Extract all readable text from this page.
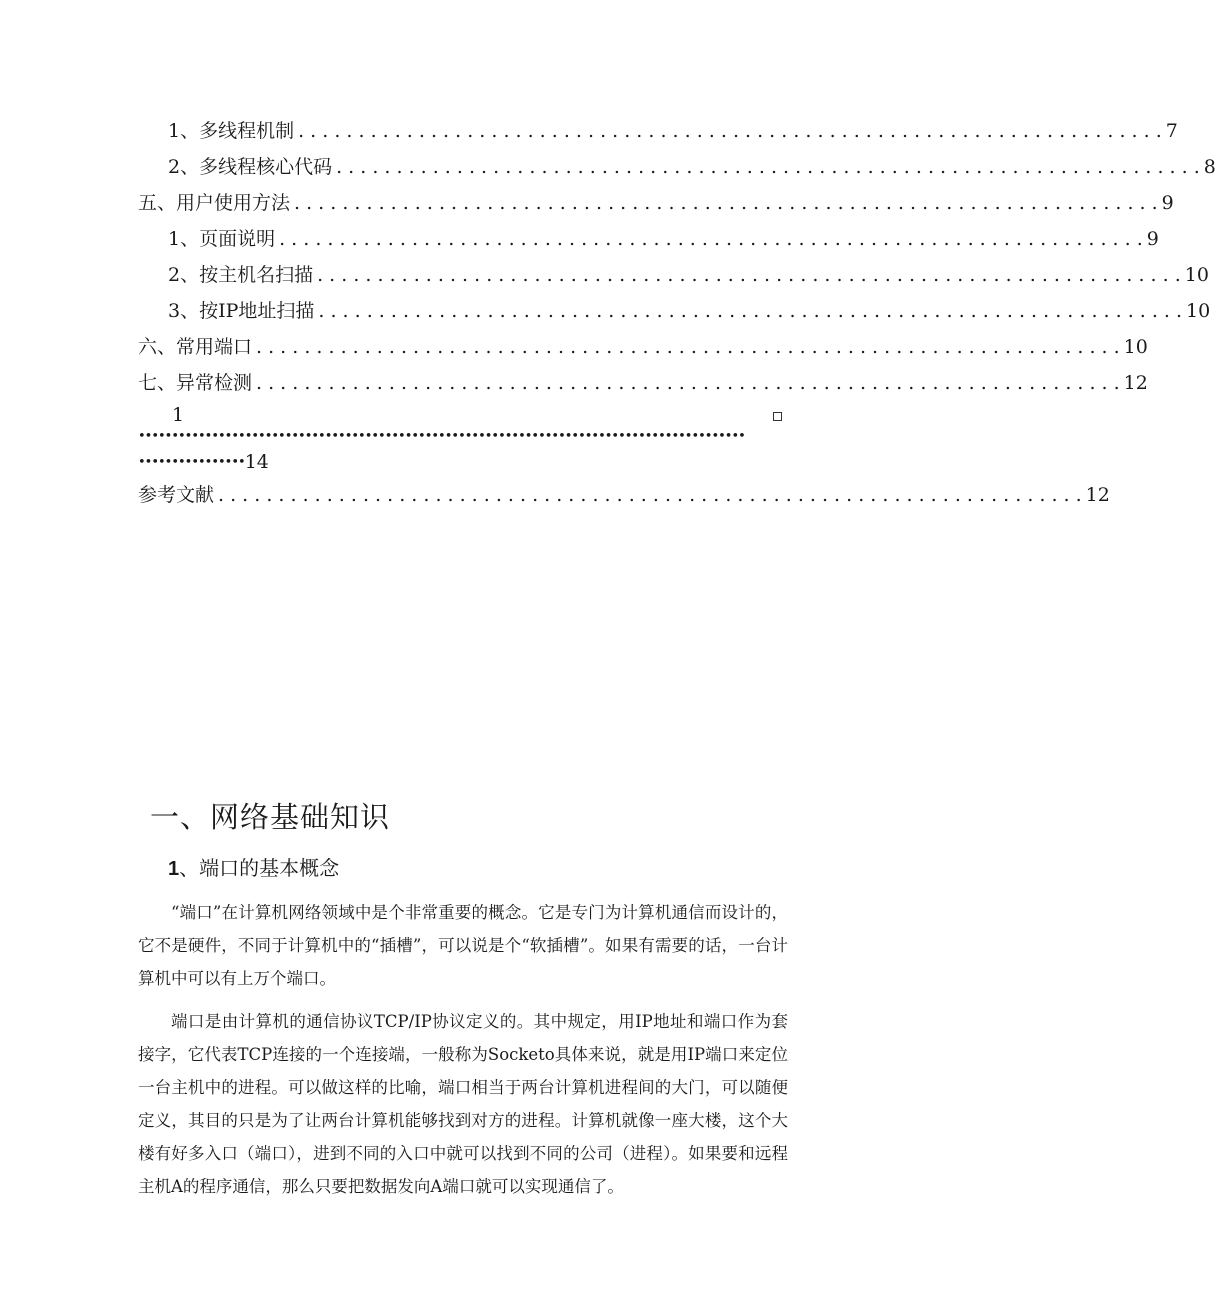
1、多线程机制 . . .	7
2、多线程核心代码 . . .	8
五、用户使用方法 . . .	9
1、页面说明 . . .	9
2、按主机名扫描 . . .	10
3、按IP地址扫描 . . .	10
六、常用端口 . . .	10
七、异常检测 . . .	12
1
•••••••••••••••••••••••••••••••••••••••••••••••••••••••••••••••••••••••••••••••••••••••••••
•••••••••••••••• 14
参考文献 . . .	12
一、网络基础知识
1、端口的基本概念

“端口”在计算机网络领域中是个非常重要的概念。它是专门为计算机通信而设计的，它不是硬件，不同于计算机中的“插槽”，可以说是个“软插槽”。如果有需要的话，一台计算机中可以有上万个端口。

端口是由计算机的通信协议TCP/IP协议定义的。其中规定，用IP地址和端口作为套接字，它代表TCP连接的一个连接端，一般称为Socketo具体来说，就是用IP端口来定位一台主机中的进程。可以做这样的比喻，端口相当于两台计算机进程间的大门，可以随便定义，其目的只是为了让两台计算机能够找到对方的进程。计算机就像一座大楼，这个大楼有好多入口（端口），进到不同的入口中就可以找到不同的公司（进程）。如果要和远程主机A的程序通信，那么只要把数据发向A端口就可以实现通信了。
